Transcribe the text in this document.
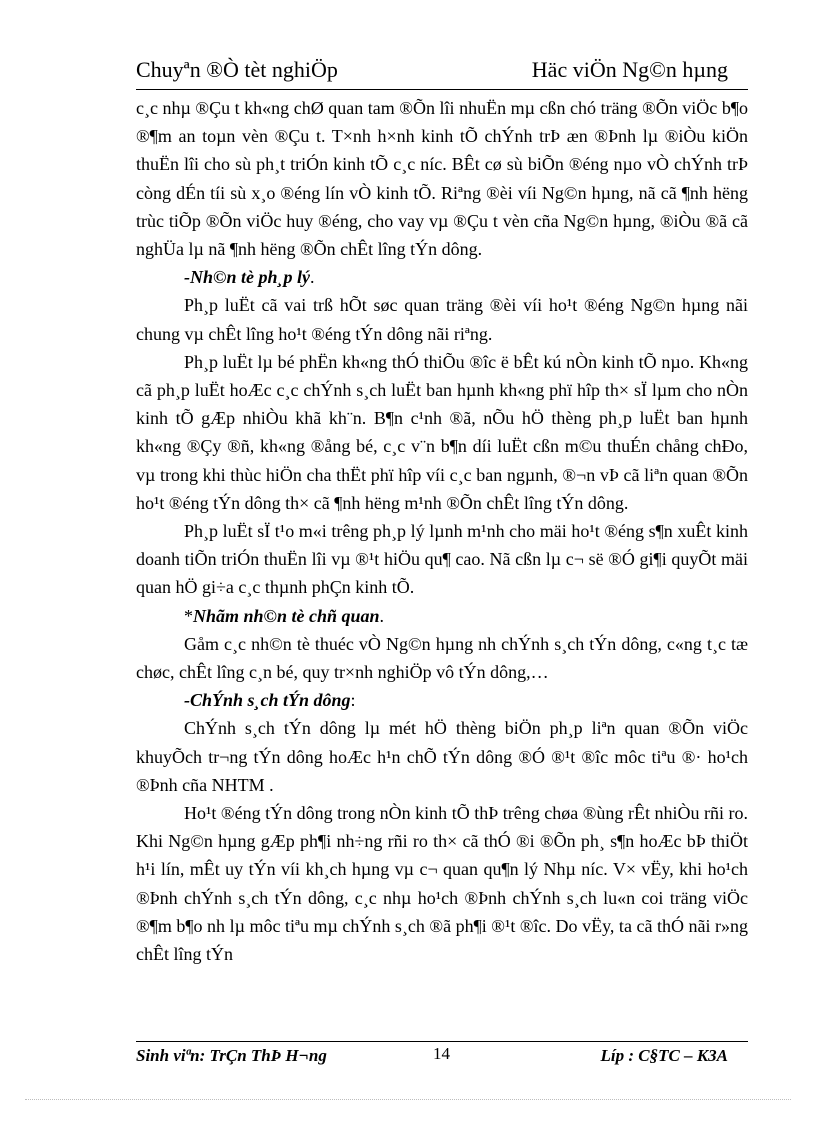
Chuyªn ®Ò tèt nghiÖp	Häc viÖn Ng©n hµng

c¸c nhµ ®Çu t kh«ng chØ quan tam ®Õn lîi nhuËn mµ cßn chó träng ®Õn viÖc b¶o ®¶m an toµn vèn ®Çu t. T×nh h×nh kinh tÕ chÝnh trÞ æn ®Þnh lµ ®iÒu kiÖn thuËn lîi cho sù ph¸t triÓn kinh tÕ c¸c níc. BÊt cø sù biÕn ®éng nµo vÒ chÝnh trÞ còng dÉn tíi sù x¸o ®éng lín vÒ kinh tÕ. Riªng ®èi víi Ng©n hµng, nã cã ¶nh hëng trùc tiÕp ®Õn viÖc huy ®éng, cho vay vµ ®Çu t vèn cña Ng©n hµng, ®iÒu ®ã cã nghÜa lµ nã ¶nh hëng ®Õn chÊt lîng tÝn dông.

-Nh©n tè ph¸p lý.

Ph¸p luËt cã vai trß hÕt søc quan träng ®èi víi ho¹t ®éng Ng©n hµng nãi chung vµ chÊt lîng ho¹t ®éng tÝn dông nãi riªng.

Ph¸p luËt lµ bé phËn kh«ng thÓ thiÕu ®îc ë bÊt kú nÒn kinh tÕ nµo. Kh«ng cã ph¸p luËt hoÆc c¸c chÝnh s¸ch luËt ban hµnh kh«ng phï hîp th× sÏ lµm cho nÒn kinh tÕ gÆp nhiÒu khã kh¨n. B¶n c¹nh ®ã, nÕu hÖ thèng ph¸p luËt ban hµnh kh«ng ®Çy ®ñ, kh«ng ®ång bé, c¸c v¨n b¶n díi luËt cßn m©u thuÉn chång chÐo, vµ trong khi thùc hiÖn cha thËt phï hîp víi c¸c ban ngµnh, ®¬n vÞ cã liªn quan ®Õn ho¹t ®éng tÝn dông th× cã ¶nh hëng m¹nh ®Õn chÊt lîng tÝn dông.

Ph¸p luËt sÏ t¹o m«i trêng ph¸p lý lµnh m¹nh cho mäi ho¹t ®éng s¶n xuÊt kinh doanh tiÕn triÓn thuËn lîi vµ ®¹t hiÖu qu¶ cao. Nã cßn lµ c¬ së ®Ó gi¶i quyÕt mäi quan hÖ gi÷a c¸c thµnh phÇn kinh tÕ.

*Nhãm nh©n tè chñ quan.

Gåm c¸c nh©n tè thuéc vÒ Ng©n hµng nh chÝnh s¸ch tÝn dông, c«ng t¸c tæ chøc, chÊt lîng c¸n bé, quy tr×nh nghiÖp vô tÝn dông,…

-ChÝnh s¸ch tÝn dông:

ChÝnh s¸ch tÝn dông lµ mét hÖ thèng biÖn ph¸p liªn quan ®Õn viÖc khuyÕch tr¬ng tÝn dông hoÆc h¹n chÕ tÝn dông ®Ó ®¹t ®îc môc tiªu ®· ho¹ch ®Þnh cña NHTM .

Ho¹t ®éng tÝn dông trong nÒn kinh tÕ thÞ trêng chøa ®ùng rÊt nhiÒu rñi ro. Khi Ng©n hµng gÆp ph¶i nh÷ng rñi ro th× cã thÓ ®i ®Õn ph¸ s¶n hoÆc bÞ thiÖt h¹i lín, mÊt uy tÝn víi kh¸ch hµng vµ c¬ quan qu¶n lý Nhµ níc. V× vËy, khi ho¹ch ®Þnh chÝnh s¸ch tÝn dông, c¸c nhµ ho¹ch ®Þnh chÝnh s¸ch lu«n coi träng viÖc ®¶m b¶o nh lµ môc tiªu mµ chÝnh s¸ch ®ã ph¶i ®¹t ®îc. Do vËy, ta cã thÓ nãi r»ng chÊt lîng tÝn

Sinh viªn: TrÇn ThÞ H¬ng	14	Líp : C§TC – K3A
